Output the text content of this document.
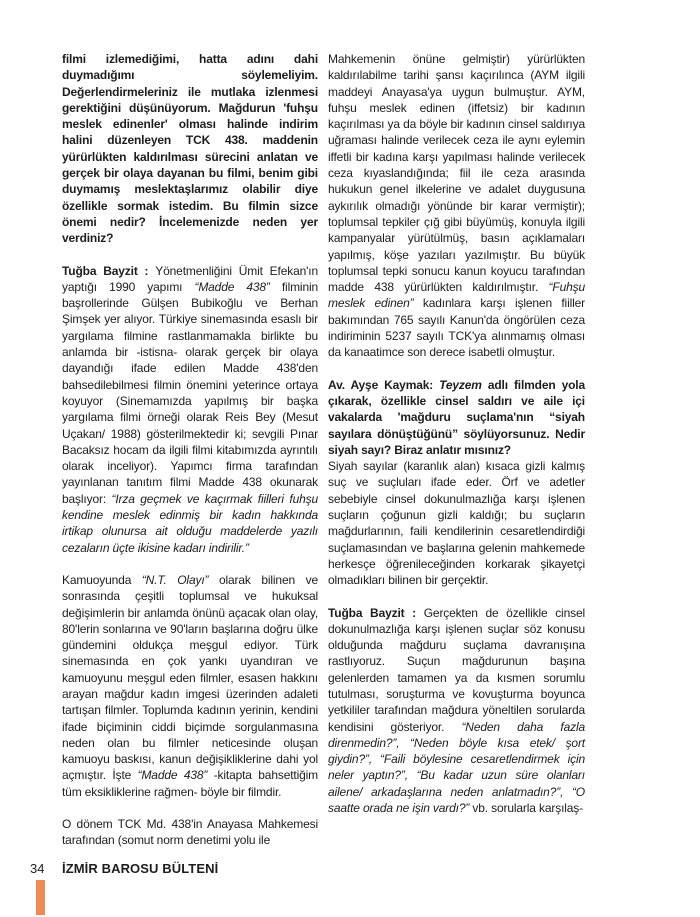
filmi izlemediğimi, hatta adını dahi duymadığımı söylemeliyim. Değerlendirmeleriniz ile mutlaka izlenmesi gerektiğini düşünüyorum. Mağdurun 'fuhşu meslek edinenler' olması halinde indirim halini düzenleyen TCK 438. maddenin yürürlükten kaldırılması sürecini anlatan ve gerçek bir olaya dayanan bu filmi, benim gibi duymamış meslektaşlarımız olabilir diye özellikle sormak istedim. Bu filmin sizce önemi nedir? İncelemenizde neden yer verdiniz?

Tuğba Bayzit : Yönetmenliğini Ümit Efekan'ın yaptığı 1990 yapımı “Madde 438” filminin başrollerinde Gülşen Bubikoğlu ve Berhan Şimşek yer alıyor. Türkiye sinemasında esaslı bir yargılama filmine rastlanmamakla birlikte bu anlamda bir -istisna- olarak gerçek bir olaya dayandığı ifade edilen Madde 438'den bahsedilebilmesi filmin önemini yeterince ortaya koyuyor (Sinemamızda yapılmış bir başka yargılama filmi örneği olarak Reis Bey (Mesut Uçakan/ 1988) gösterilmektedir ki; sevgili Pınar Bacaksız hocam da ilgili filmi kitabımızda ayrıntılı olarak inceliyor). Yapımcı firma tarafından yayınlanan tanıtım filmi Madde 438 okunarak başlıyor: “Irza geçmek ve kaçırmak fiilleri fuhşu kendine meslek edinmiş bir kadın hakkında irtikap olunursa ait olduğu maddelerde yazılı cezaların üçte ikisine kadarı indirilir.”

Kamuoyunda “N.T. Olayı” olarak bilinen ve sonrasında çeşitli toplumsal ve hukuksal değişimlerin bir anlamda önünü açacak olan olay, 80'lerin sonlarına ve 90'ların başlarına doğru ülke gündemini oldukça meşgul ediyor. Türk sinemasında en çok yankı uyandıran ve kamuoyunu meşgul eden filmler, esasen hakkını arayan mağdur kadın imgesi üzerinden adaleti tartışan filmler. Toplumda kadının yerinin, kendini ifade biçiminin ciddi biçimde sorgulanmasına neden olan bu filmler neticesinde oluşan kamuoyu baskısı, kanun değişikliklerine dahi yol açmıştır. İşte “Madde 438” -kitapta bahsettiğim tüm eksikliklerine rağmen- böyle bir filmdir.

O dönem TCK Md. 438'in Anayasa Mahkemesi tarafından (somut norm denetimi yolu ile

Mahkemenin önüne gelmiştir) yürürlükten kaldırılabilme tarihi şansı kaçırılınca (AYM ilgili maddeyi Anayasa'ya uygun bulmuştur. AYM, fuhşu meslek edinen (iffetsiz) bir kadının kaçırılması ya da böyle bir kadının cinsel saldırıya uğraması halinde verilecek ceza ile aynı eylemin iffetli bir kadına karşı yapılması halinde verilecek ceza kıyaslandığında; fiil ile ceza arasında hukukun genel ilkelerine ve adalet duygusuna aykırılık olmadığı yönünde bir karar vermiştir); toplumsal tepkiler çığ gibi büyümüş, konuyla ilgili kampanyalar yürütülmüş, basın açıklamaları yapılmış, köşe yazıları yazılmıştır. Bu büyük toplumsal tepki sonucu kanun koyucu tarafından madde 438 yürürlükten kaldırılmıştır. “Fuhşu meslek edinen” kadınlara karşı işlenen fiiller bakımından 765 sayılı Kanun'da öngörülen ceza indiriminin 5237 sayılı TCK'ya alınmamış olması da kanaatimce son derece isabetli olmuştur.

Av. Ayşe Kaymak: Teyzem adlı filmden yola çıkarak, özellikle cinsel saldırı ve aile içi vakalarda 'mağduru suçlama'nın “siyah sayılara dönüştüğünü” söylüyorsunuz. Nedir siyah sayı? Biraz anlatır mısınız?

Siyah sayılar (karanlık alan) kısaca gizli kalmış suç ve suçluları ifade eder. Örf ve adetler sebebiyle cinsel dokunulmazlığa karşı işlenen suçların çoğunun gizli kaldığı; bu suçların mağdurlarının, faili kendilerinin cesaretlendirdiği suçlamasından ve başlarına gelenin mahkemede herkesçe öğrenileceğinden korkarak şikayetçi olmadıkları bilinen bir gerçektir.

Tuğba Bayzit : Gerçekten de özellikle cinsel dokunulmazlığa karşı işlenen suçlar söz konusu olduğunda mağduru suçlama davranışına rastlıyoruz. Suçun mağdurunun başına gelenlerden tamamen ya da kısmen sorumlu tutulması, soruşturma ve kovuşturma boyunca yetkililer tarafından mağdura yöneltilen sorularda kendisini gösteriyor. “Neden daha fazla direnmedin?”, “Neden böyle kısa etek/ şort giydin?”, “Faili böylesine cesaretlendirmek için neler yaptın?”, “Bu kadar uzun süre olanları ailene/ arkadaşlarına neden anlatmadın?”, “O saatte orada ne işin vardı?” vb. sorularla karşılaş-

34 İZMİR BAROSU BÜLTENİ
